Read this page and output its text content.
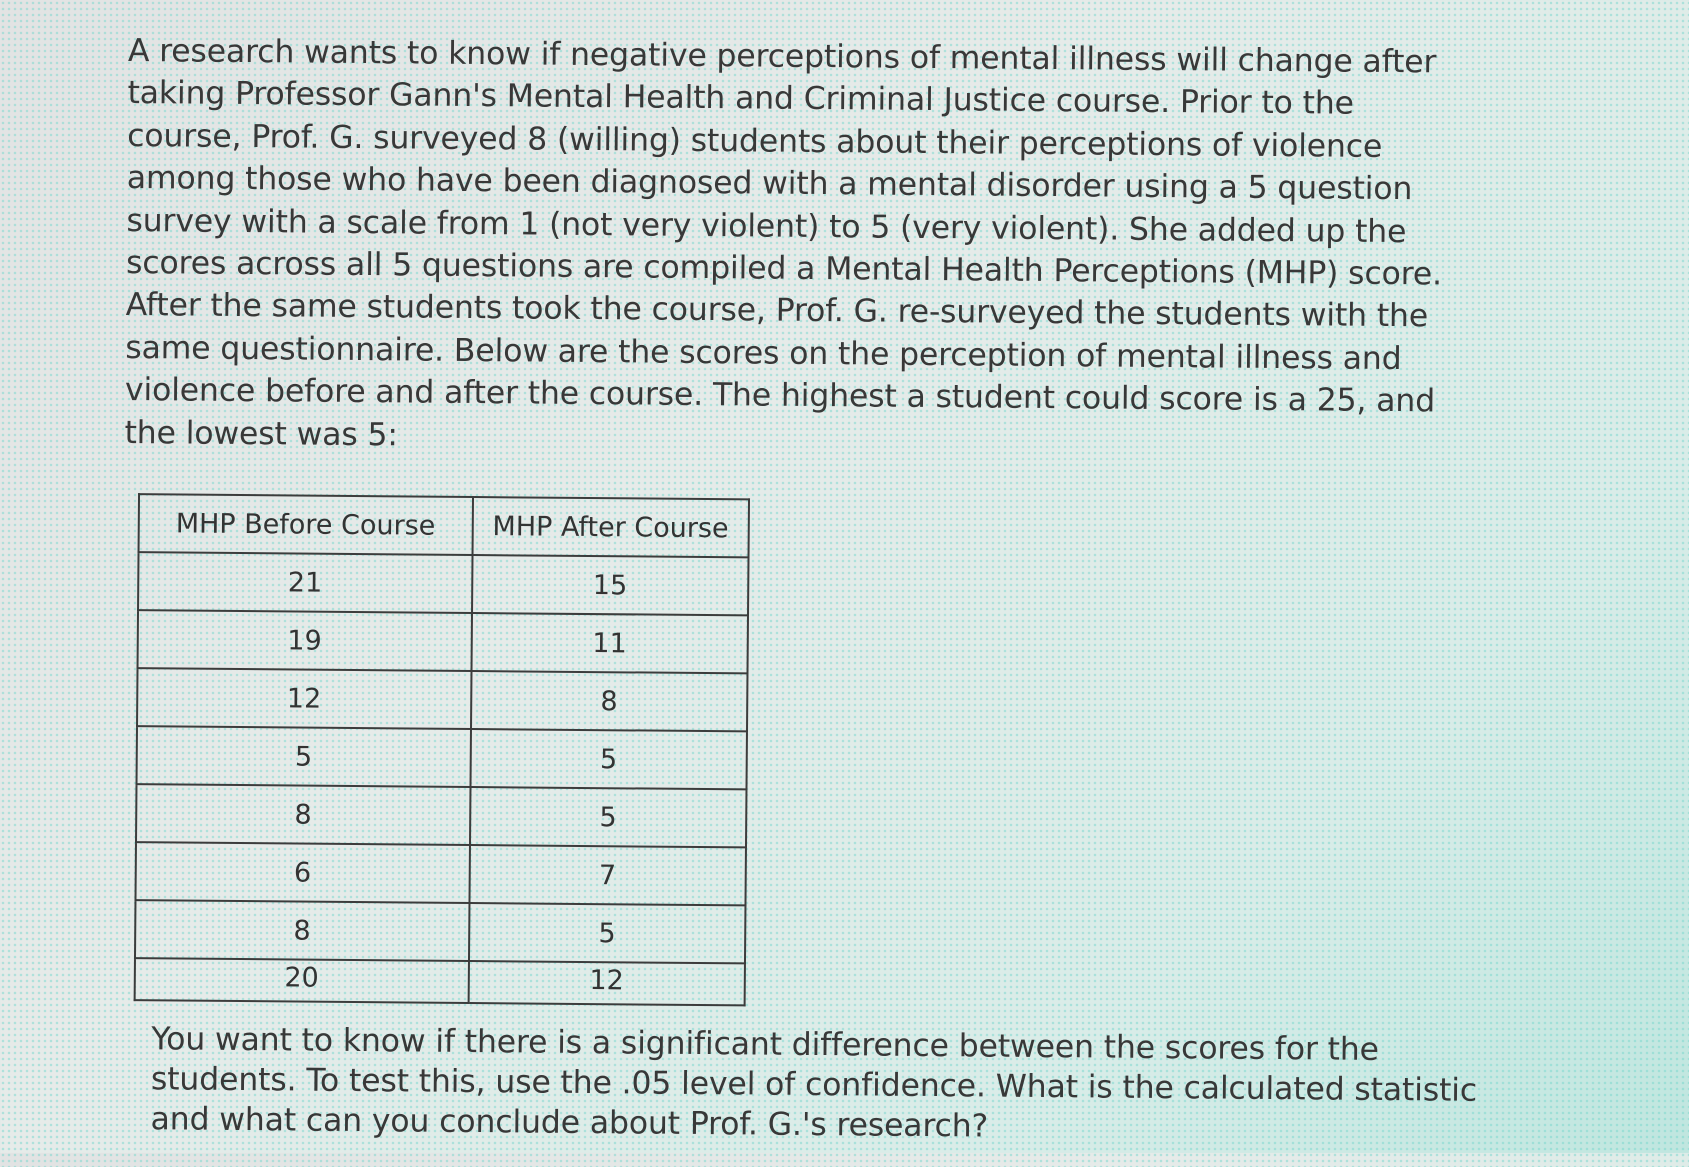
A research wants to know if negative perceptions of mental illness will change after
taking Professor Gann's Mental Health and Criminal Justice course. Prior to the
course, Prof. G. surveyed 8 (willing) students about their perceptions of violence
among those who have been diagnosed with a mental disorder using a 5 question
survey with a scale from 1 (not very violent) to 5 (very violent). She added up the
scores across all 5 questions are compiled a Mental Health Perceptions (MHP) score.
After the same students took the course, Prof. G. re-surveyed the students with the
same questionnaire. Below are the scores on the perception of mental illness and
violence before and after the course. The highest a student could score is a 25, and
the lowest was 5:

MHP Before Course	MHP After Course
21	15
19	11
12	8
5	5
8	5
6	7
8	5
20	12

You want to know if there is a significant difference between the scores for the
students. To test this, use the .05 level of confidence. What is the calculated statistic
and what can you conclude about Prof. G.'s research?
